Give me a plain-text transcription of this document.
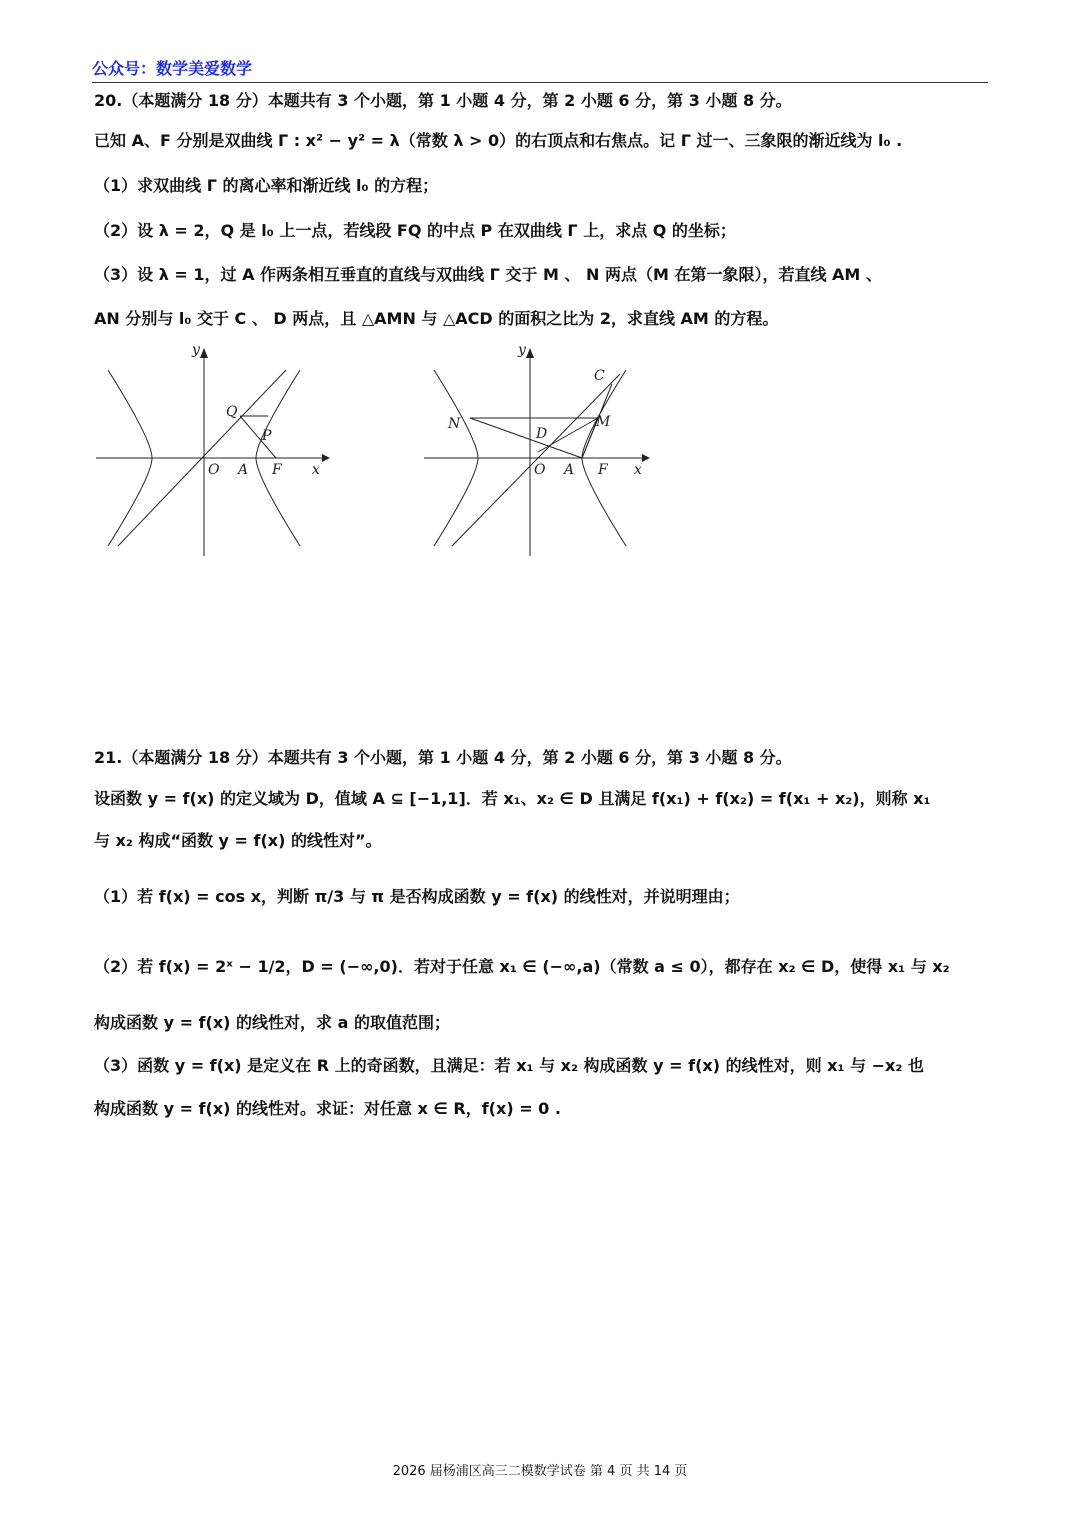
公众号：数学美爱数学
20.（本题满分 18 分）本题共有 3 个小题，第 1 小题 4 分，第 2 小题 6 分，第 3 小题 8 分。
已知 A、F 分别是双曲线 Γ : x² − y² = λ（常数 λ > 0）的右顶点和右焦点。记 Γ 过一、三象限的渐近线为 l₀ .
（1）求双曲线 Γ 的离心率和渐近线 l₀ 的方程；
（2）设 λ = 2，Q 是 l₀ 上一点，若线段 FQ 的中点 P 在双曲线 Γ 上，求点 Q 的坐标；
（3）设 λ = 1，过 A 作两条相互垂直的直线与双曲线 Γ 交于 M 、 N 两点（M 在第一象限），若直线 AM 、
AN 分别与 l₀ 交于 C 、 D 两点，且 △AMN 与 △ACD 的面积之比为 2，求直线 AM 的方程。
y
x
O A F
Q
P
y
x
O A F
C
M
N
D
21.（本题满分 18 分）本题共有 3 个小题，第 1 小题 4 分，第 2 小题 6 分，第 3 小题 8 分。
设函数 y = f(x) 的定义域为 D，值域 A ⊆ [−1,1]．若 x₁、x₂ ∈ D 且满足 f(x₁) + f(x₂) = f(x₁ + x₂)，则称 x₁
与 x₂ 构成“函数 y = f(x) 的线性对”。
（1）若 f(x) = cos x，判断 π/3 与 π 是否构成函数 y = f(x) 的线性对，并说明理由；
（2）若 f(x) = 2ˣ − 1/2，D = (−∞,0)．若对于任意 x₁ ∈ (−∞,a)（常数 a ≤ 0），都存在 x₂ ∈ D，使得 x₁ 与 x₂
构成函数 y = f(x) 的线性对，求 a 的取值范围；
（3）函数 y = f(x) 是定义在 R 上的奇函数，且满足：若 x₁ 与 x₂ 构成函数 y = f(x) 的线性对，则 x₁ 与 −x₂ 也
构成函数 y = f(x) 的线性对。求证：对任意 x ∈ R，f(x) = 0 .
2026 届杨浦区高三二模数学试卷 第 4 页 共 14 页
